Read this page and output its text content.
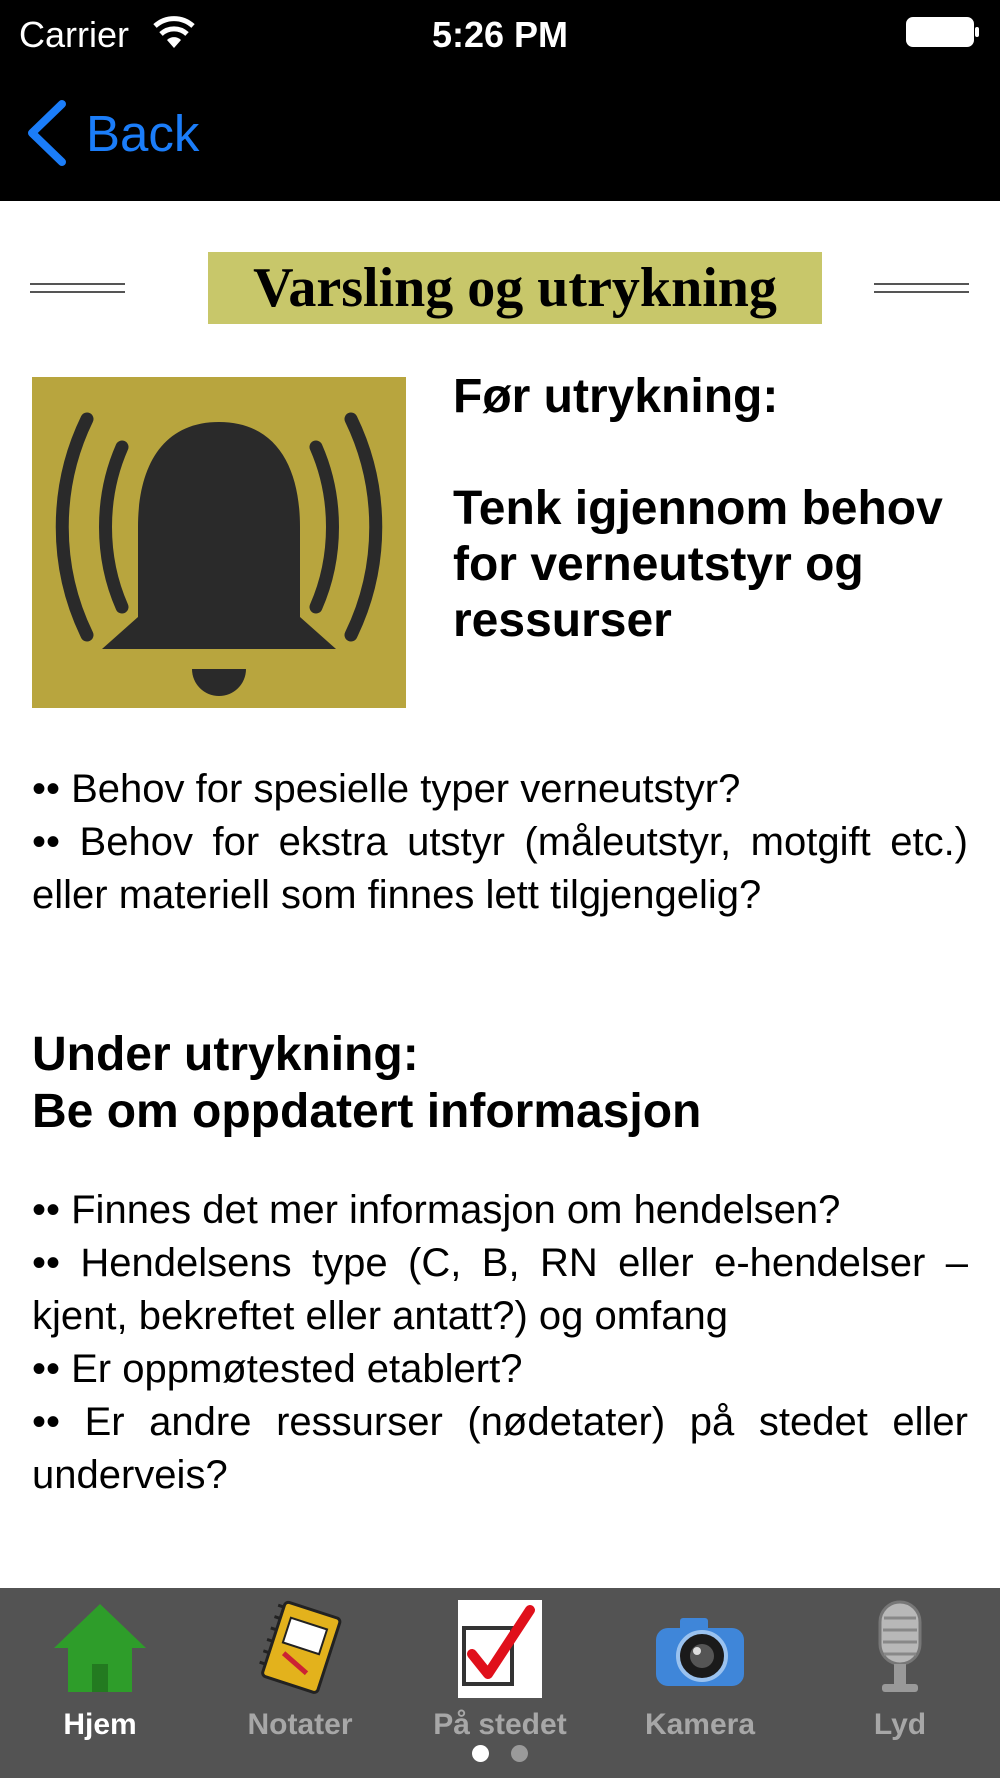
Carrier	5:26 PM
Back
Varsling og utrykning
Før utrykning:
Tenk igjennom behov for verneutstyr og ressurser

•• Behov for spesielle typer verneutstyr?

•• Behov for ekstra utstyr (måleutstyr, motgift etc.) eller materiell som finnes lett tilgjengelig?

Under utrykning:

Be om oppdatert informasjon

•• Finnes det mer informasjon om hendelsen?

•• Hendelsens type (C, B, RN eller e-hendelser – kjent, bekreftet eller antatt?) og omfang

•• Er oppmøtested etablert?

•• Er andre ressurser (nødetater) på stedet eller underveis?

Hjem	Notater	På stedet	Kamera	Lyd
